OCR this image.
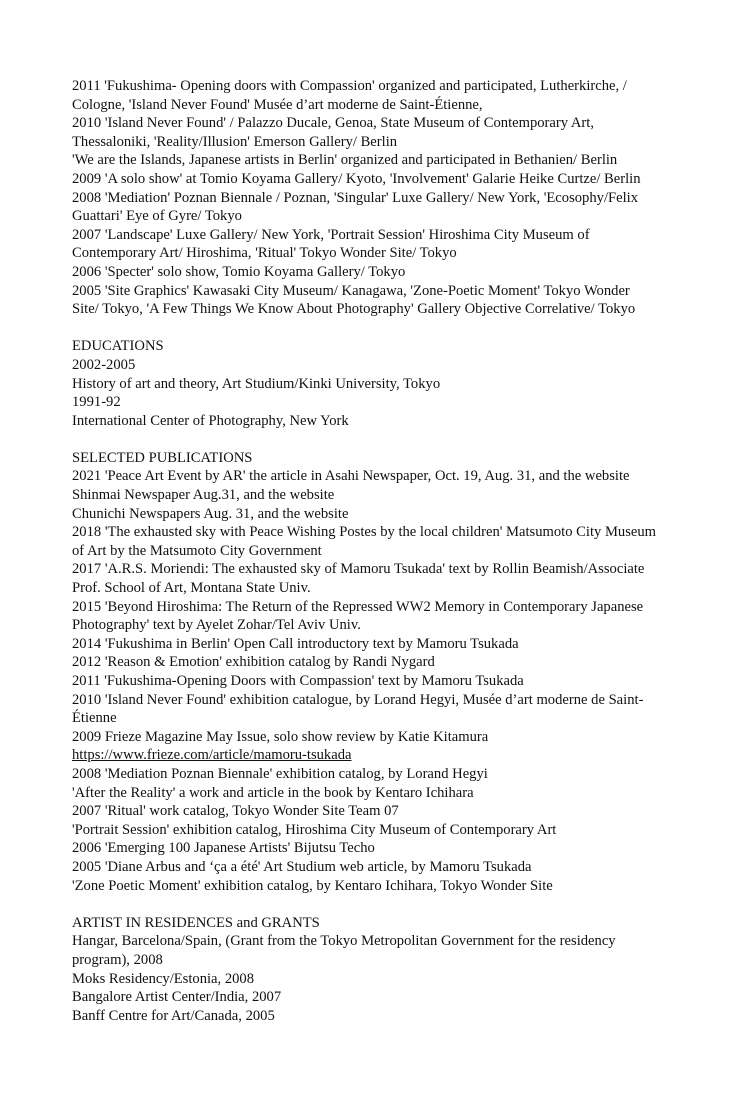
2011 'Fukushima- Opening doors with Compassion' organized and participated, Lutherkirche, /
Cologne, 'Island Never Found' Musée d’art moderne de Saint-Étienne,
2010 'Island Never Found' / Palazzo Ducale, Genoa, State Museum of Contemporary Art,
Thessaloniki, 'Reality/Illusion' Emerson Gallery/ Berlin
'We are the Islands, Japanese artists in Berlin' organized and participated in Bethanien/ Berlin
2009 'A solo show' at Tomio Koyama Gallery/ Kyoto, 'Involvement' Galarie Heike Curtze/ Berlin
2008 'Mediation' Poznan Biennale / Poznan, 'Singular' Luxe Gallery/ New York, 'Ecosophy/Felix
Guattari' Eye of Gyre/ Tokyo
2007 'Landscape' Luxe Gallery/ New York, 'Portrait Session' Hiroshima City Museum of
Contemporary Art/ Hiroshima, 'Ritual' Tokyo Wonder Site/ Tokyo
2006 'Specter' solo show, Tomio Koyama Gallery/ Tokyo
2005 'Site Graphics' Kawasaki City Museum/ Kanagawa, 'Zone-Poetic Moment' Tokyo Wonder
Site/ Tokyo, 'A Few Things We Know About Photography' Gallery Objective Correlative/ Tokyo
EDUCATIONS
2002-2005
History of art and theory, Art Studium/Kinki University, Tokyo
1991-92
International Center of Photography, New York
SELECTED PUBLICATIONS
2021 'Peace Art Event by AR' the article in Asahi Newspaper, Oct. 19, Aug. 31, and the website
Shinmai Newspaper Aug.31, and the website
Chunichi Newspapers Aug. 31, and the website
2018 'The exhausted sky with Peace Wishing Postes by the local children' Matsumoto City Museum
of Art by the Matsumoto City Government
2017 'A.R.S. Moriendi: The exhausted sky of Mamoru Tsukada' text by Rollin Beamish/Associate
Prof. School of Art, Montana State Univ.
2015 'Beyond Hiroshima: The Return of the Repressed WW2 Memory in Contemporary Japanese
Photography' text by Ayelet Zohar/Tel Aviv Univ.
2014 'Fukushima in Berlin' Open Call introductory text by Mamoru Tsukada
2012 'Reason & Emotion' exhibition catalog by Randi Nygard
2011 'Fukushima-Opening Doors with Compassion' text by Mamoru Tsukada
2010 'Island Never Found' exhibition catalogue, by Lorand Hegyi, Musée d’art moderne de Saint-
Étienne
2009 Frieze Magazine May Issue, solo show review by Katie Kitamura
https://www.frieze.com/article/mamoru-tsukada
2008 'Mediation Poznan Biennale' exhibition catalog, by Lorand Hegyi
'After the Reality' a work and article in the book by Kentaro Ichihara
2007 'Ritual' work catalog, Tokyo Wonder Site Team 07
'Portrait Session' exhibition catalog, Hiroshima City Museum of Contemporary Art
2006 'Emerging 100 Japanese Artists' Bijutsu Techo
2005 'Diane Arbus and ‘ça a été' Art Studium web article, by Mamoru Tsukada
'Zone Poetic Moment' exhibition catalog, by Kentaro Ichihara, Tokyo Wonder Site
ARTIST IN RESIDENCES and GRANTS
Hangar, Barcelona/Spain, (Grant from the Tokyo Metropolitan Government for the residency
program), 2008
Moks Residency/Estonia, 2008
Bangalore Artist Center/India, 2007
Banff Centre for Art/Canada, 2005
